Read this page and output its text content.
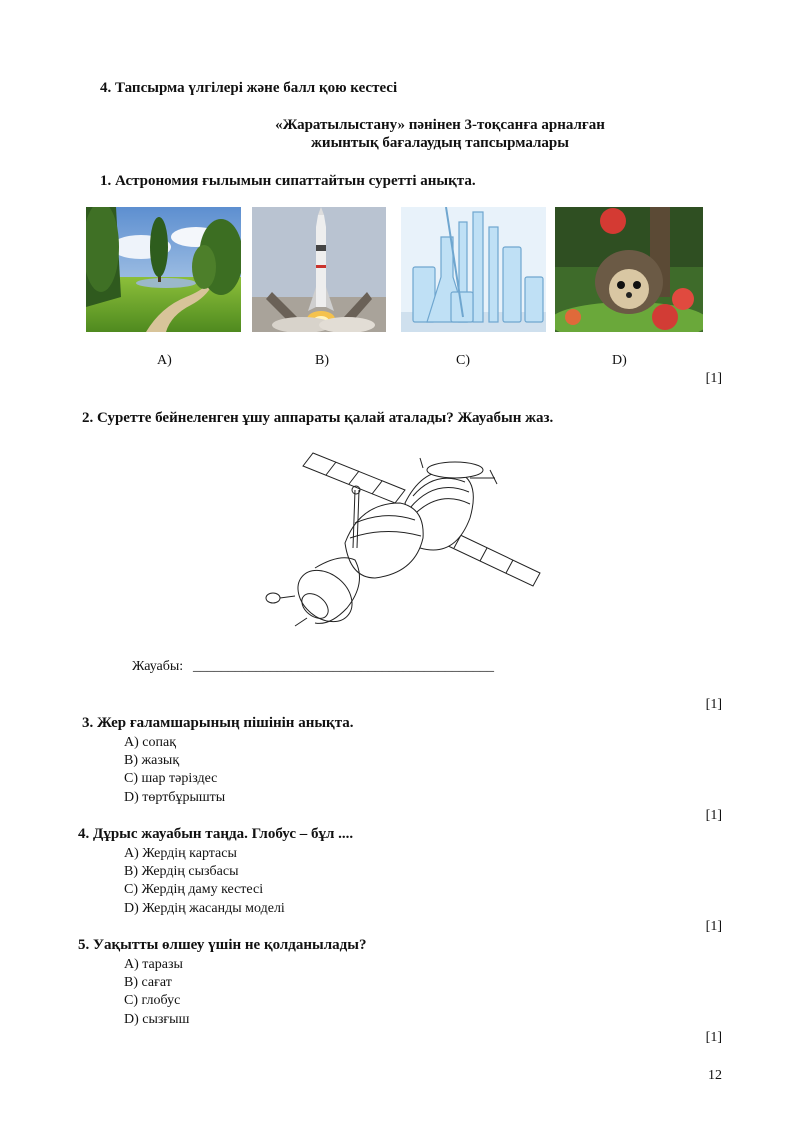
4. Тапсырма үлгілері және балл қою кестесі
«Жаратылыстану» пәнінен 3-тоқсанға арналған
жиынтық бағалаудың тапсырмалары
1. Астрономия ғылымын сипаттайтын суретті анықта.
A)	B)	C)	D)
[1]
2. Суретте бейнеленген ұшу аппараты қалай аталады? Жауабын жаз.
Жауабы: ___________________________________________
[1]
3. Жер ғаламшарының пішінін анықта.
A) сопақ
B) жазық
C) шар тәріздес
D) төртбұрышты
[1]
4. Дұрыс жауабын таңда. Глобус – бұл ....
A) Жердің картасы
B) Жердің сызбасы
C) Жердің даму кестесі
D) Жердің жасанды моделі
[1]
5. Уақытты өлшеу үшін не қолданылады?
A) таразы
B) сағат
C) глобус
D) сызғыш
[1]
12
